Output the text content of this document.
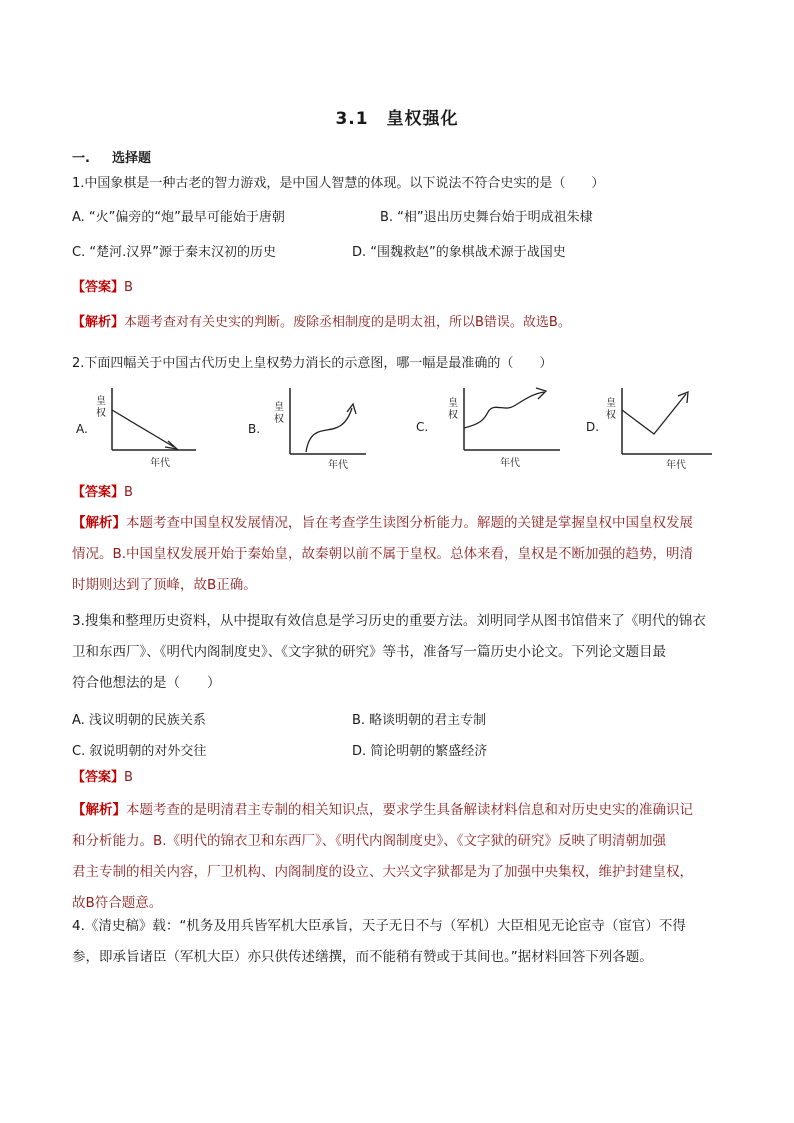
3.1　皇权强化
一. 选择题
1.中国象棋是一种古老的智力游戏，是中国人智慧的体现。以下说法不符合史实的是（　　）
A. “火”偏旁的“炮”最早可能始于唐朝	B. “相”退出历史舞台始于明成祖朱棣
C. “楚河.汉界”源于秦末汉初的历史	D. “围魏救赵”的象棋战术源于战国史
【答案】B
【解析】本题考查对有关史实的判断。废除丞相制度的是明太祖，所以B错误。故选B。
2.下面四幅关于中国古代历史上皇权势力消长的示意图，哪一幅是最准确的（　　）
A.
皇权
年代
B.
皇权
年代
C.
皇权
年代
D.
皇权
年代
【答案】B
【解析】本题考查中国皇权发展情况，旨在考查学生读图分析能力。解题的关键是掌握皇权中国皇权发展
情况。B.中国皇权发展开始于秦始皇，故秦朝以前不属于皇权。总体来看，皇权是不断加强的趋势，明清
时期则达到了顶峰，故B正确。
3.搜集和整理历史资料，从中提取有效信息是学习历史的重要方法。刘明同学从图书馆借来了《明代的锦衣
卫和东西厂》、《明代内阁制度史》、《文字狱的研究》等书，准备写一篇历史小论文。下列论文题目最
符合他想法的是（　　）
A. 浅议明朝的民族关系	B. 略谈明朝的君主专制
C. 叙说明朝的对外交往	D. 简论明朝的繁盛经济
【答案】B
【解析】本题考查的是明清君主专制的相关知识点，要求学生具备解读材料信息和对历史史实的准确识记
和分析能力。B.《明代的锦衣卫和东西厂》、《明代内阁制度史》、《文字狱的研究》反映了明清朝加强
君主专制的相关内容，厂卫机构、内阁制度的设立、大兴文字狱都是为了加强中央集权，维护封建皇权，
故B符合题意。
4.《清史稿》载：“机务及用兵皆军机大臣承旨，天子无日不与（军机）大臣相见无论宦寺（宦官）不得
参，即承旨诸臣（军机大臣）亦只供传述缮撰，而不能稍有赞或于其间也。”据材料回答下列各题。
